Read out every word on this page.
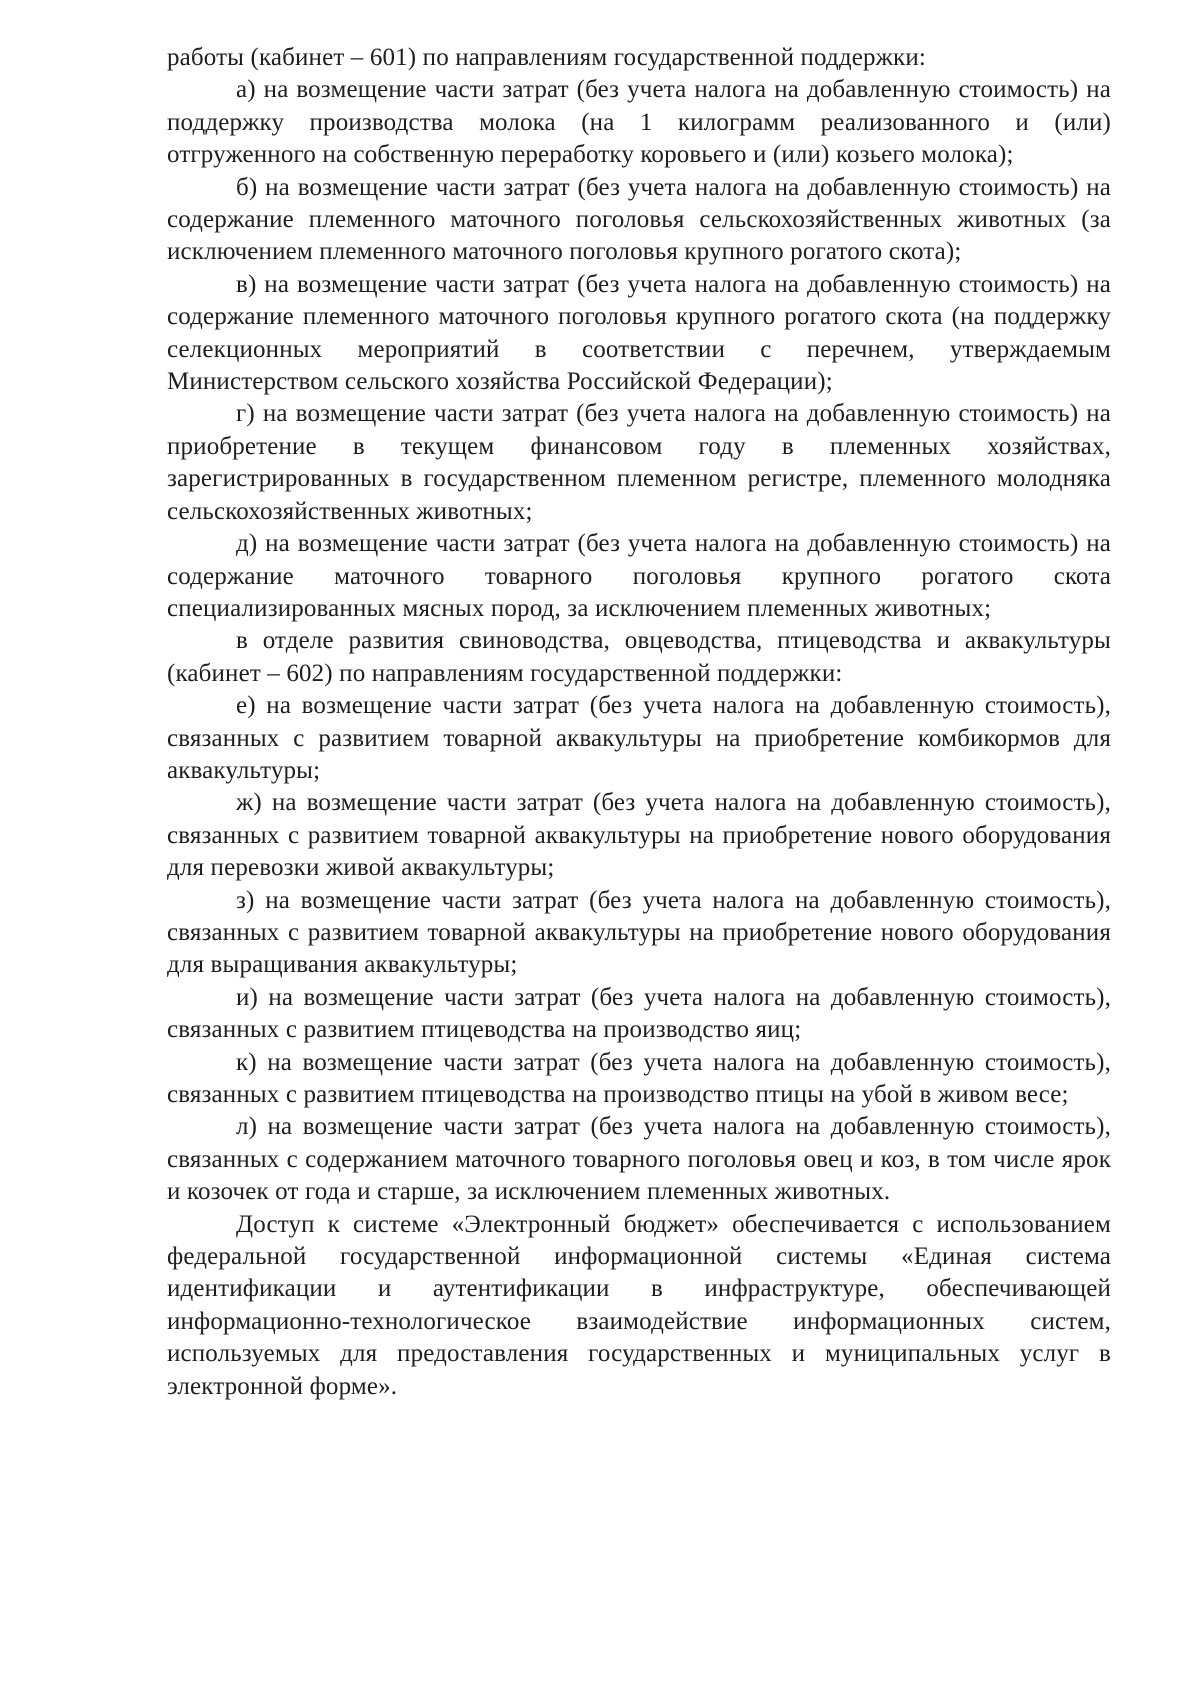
работы (кабинет – 601) по направлениям государственной поддержки:

а) на возмещение части затрат (без учета налога на добавленную стоимость) на поддержку производства молока (на 1 килограмм реализованного и (или) отгруженного на собственную переработку коровьего и (или) козьего молока);

б) на возмещение части затрат (без учета налога на добавленную стоимость) на содержание племенного маточного поголовья сельскохозяйственных животных (за исключением племенного маточного поголовья крупного рогатого скота);

в) на возмещение части затрат (без учета налога на добавленную стоимость) на содержание племенного маточного поголовья крупного рогатого скота (на поддержку селекционных мероприятий в соответствии с перечнем, утверждаемым Министерством сельского хозяйства Российской Федерации);

г) на возмещение части затрат (без учета налога на добавленную стоимость) на приобретение в текущем финансовом году в племенных хозяйствах, зарегистрированных в государственном племенном регистре, племенного молодняка сельскохозяйственных животных;

д) на возмещение части затрат (без учета налога на добавленную стоимость) на содержание маточного товарного поголовья крупного рогатого скота специализированных мясных пород, за исключением племенных животных;

в отделе развития свиноводства, овцеводства, птицеводства и аквакультуры (кабинет – 602) по направлениям государственной поддержки:

е) на возмещение части затрат (без учета налога на добавленную стоимость), связанных с развитием товарной аквакультуры на приобретение комбикормов для аквакультуры;

ж) на возмещение части затрат (без учета налога на добавленную стоимость), связанных с развитием товарной аквакультуры на приобретение нового оборудования для перевозки живой аквакультуры;

з) на возмещение части затрат (без учета налога на добавленную стоимость), связанных с развитием товарной аквакультуры на приобретение нового оборудования для выращивания аквакультуры;

и) на возмещение части затрат (без учета налога на добавленную стоимость), связанных с развитием птицеводства на производство яиц;

к) на возмещение части затрат (без учета налога на добавленную стоимость), связанных с развитием птицеводства на производство птицы на убой в живом весе;

л) на возмещение части затрат (без учета налога на добавленную стоимость), связанных с содержанием маточного товарного поголовья овец и коз, в том числе ярок и козочек от года и старше, за исключением племенных животных.

Доступ к системе «Электронный бюджет» обеспечивается с использованием федеральной государственной информационной системы «Единая система идентификации и аутентификации в инфраструктуре, обеспечивающей информационно-технологическое взаимодействие информационных систем, используемых для предоставления государственных и муниципальных услуг в электронной форме».
